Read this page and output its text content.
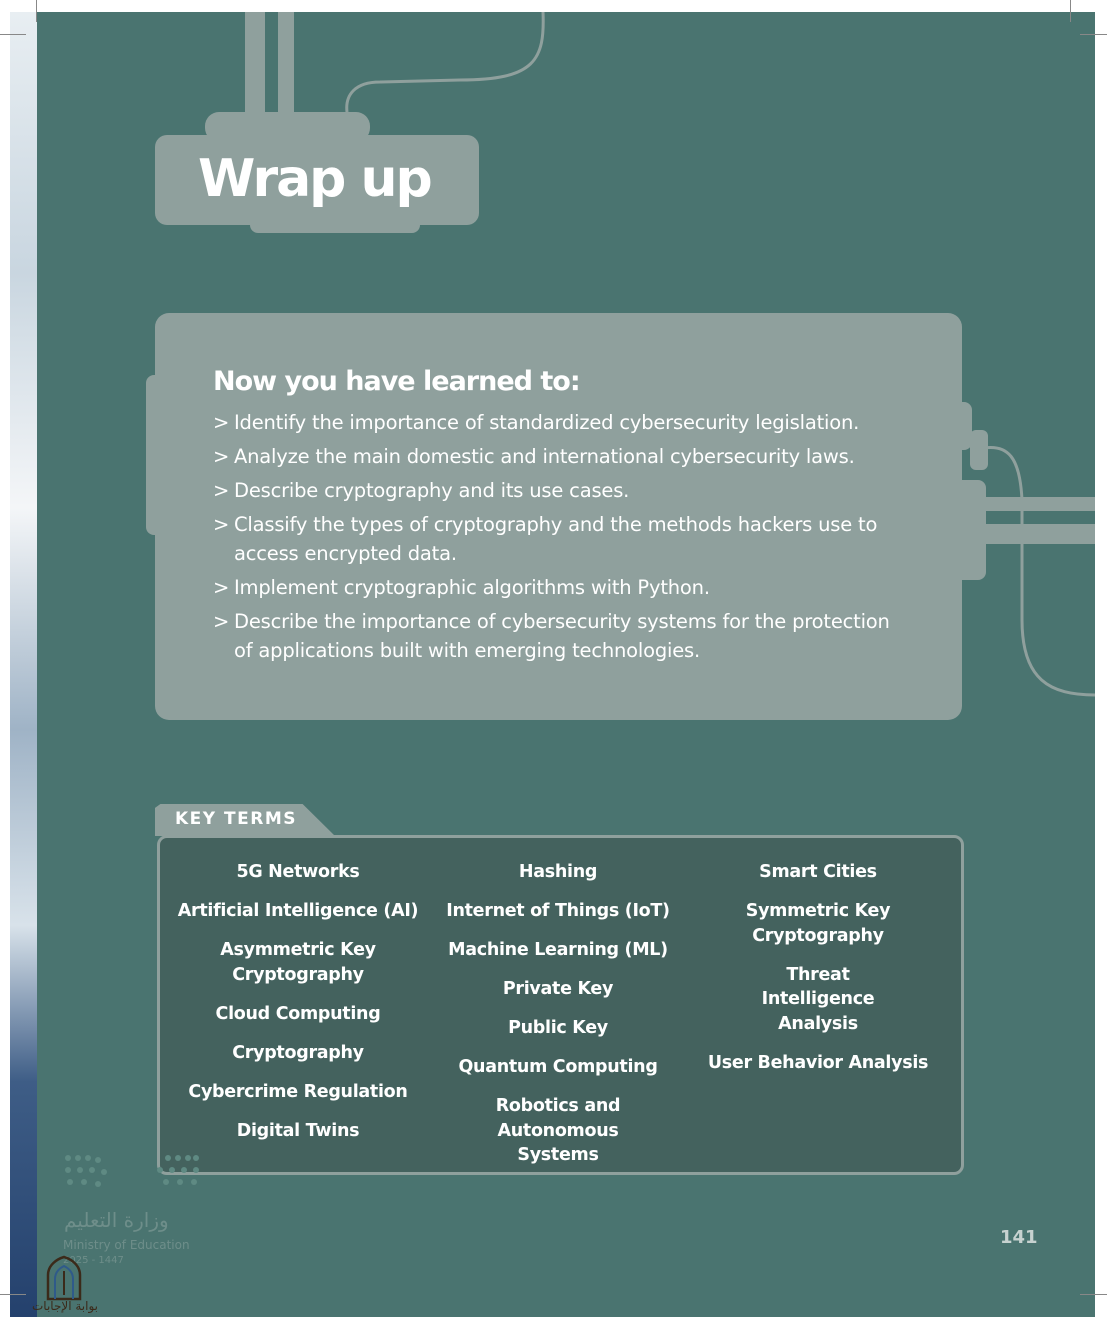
Wrap up
Now you have learned to:
> Identify the importance of standardized cybersecurity legislation.
> Analyze the main domestic and international cybersecurity laws.
> Describe cryptography and its use cases.
> Classify the types of cryptography and the methods hackers use to access encrypted data.
> Implement cryptographic algorithms with Python.
> Describe the importance of cybersecurity systems for the protection of applications built with emerging technologies.
KEY TERMS
5G Networks
Artificial Intelligence (AI)
Asymmetric Key Cryptography
Cloud Computing
Cryptography
Cybercrime Regulation
Digital Twins
Hashing
Internet of Things (IoT)
Machine Learning (ML)
Private Key
Public Key
Quantum Computing
Robotics and Autonomous Systems
Smart Cities
Symmetric Key Cryptography
Threat Intelligence Analysis
User Behavior Analysis
141
وزارة التعليم
Ministry of Education
2025 - 1447
بوابة الإجابات
